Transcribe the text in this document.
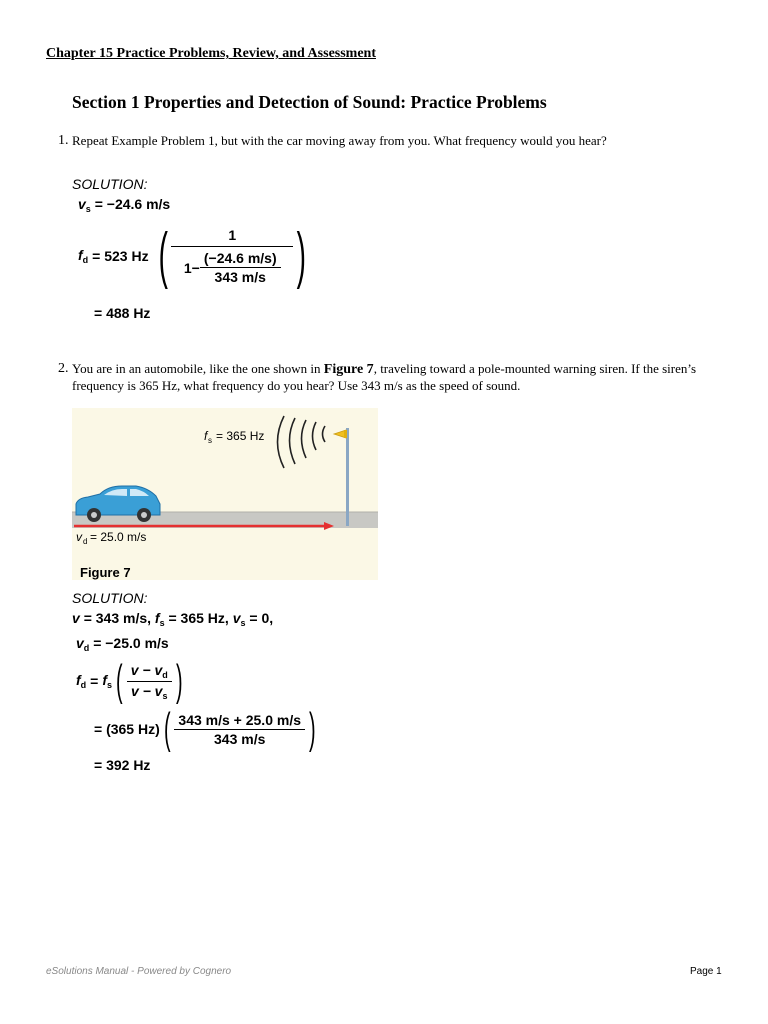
Chapter 15 Practice Problems, Review, and Assessment
Section 1 Properties and Detection of Sound: Practice Problems
1. Repeat Example Problem 1, but with the car moving away from you. What frequency would you hear?
SOLUTION:
$v_s = -24.6$ m/s
$f_d = 523$ Hz ( $\frac{1}{1- \frac{(-24.6 m/s)}{343 m/s}}$ )
= 488 Hz
2. You are in an automobile, like the one shown in Figure 7, traveling toward a pole-mounted warning siren. If the siren’s frequency is 365 Hz, what frequency do you hear? Use 343 m/s as the speed of sound.
f s = 365 Hz
v d = 25.0 m/s
Figure 7
SOLUTION:
v = 343 m/s, $f_s = 365$ Hz, $v_s = 0$,
$v_d = -25.0$ m/s
$f_d = f_s$ ( $\frac{v - v_d}{v - v_s}$ )
= (365 Hz) ( $\frac{343 m/s + 25.0 m/s}{343 m/s}$ )
= 392 Hz
eSolutions Manual - Powered by Cognero	Page 1
